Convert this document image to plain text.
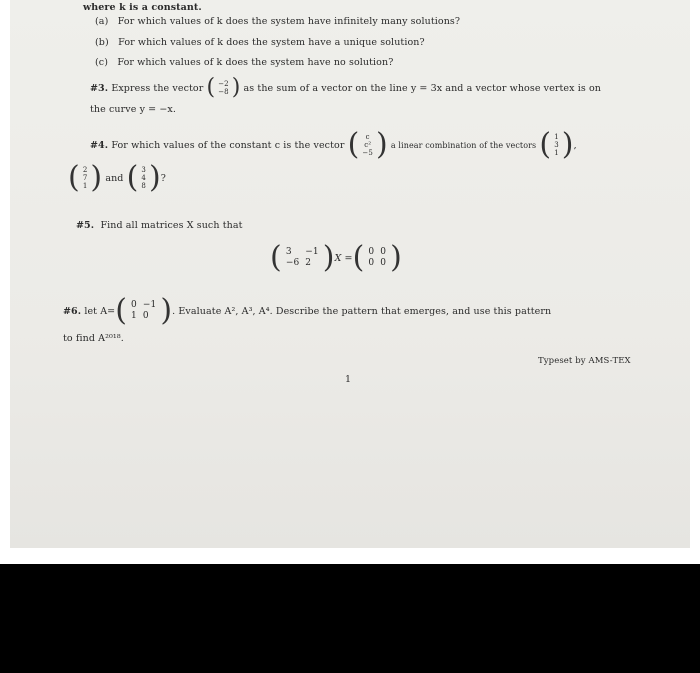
where k is a constant.
(a) For which values of k does the system have infinitely many solutions?
(b) For which values of k does the system have a unique solution?
(c) For which values of k does the system have no solution?
#3.
Express the vector
( −2
−8 )
as the sum of a vector on the line y = 3x and a vector whose vertex is on
the curve y = −x.
#4.
For which values of the constant c is the vector
( c
c²
−5 )
a linear combination of the vectors
( 1
3
1 ) ,
( 2
7
1 )
and
( 3
4
8 ) ?
#5. Find all matrices X such that
( 3	−1
−6 2 ) X = ( 0 0
0 0 )
#6.
let A= ( 0 −1
1 0 ) . Evaluate A², A³, A⁴. Describe the pattern that emerges, and use this pattern
to find A²⁰¹⁸.
Typeset by AMS-TEX
1
